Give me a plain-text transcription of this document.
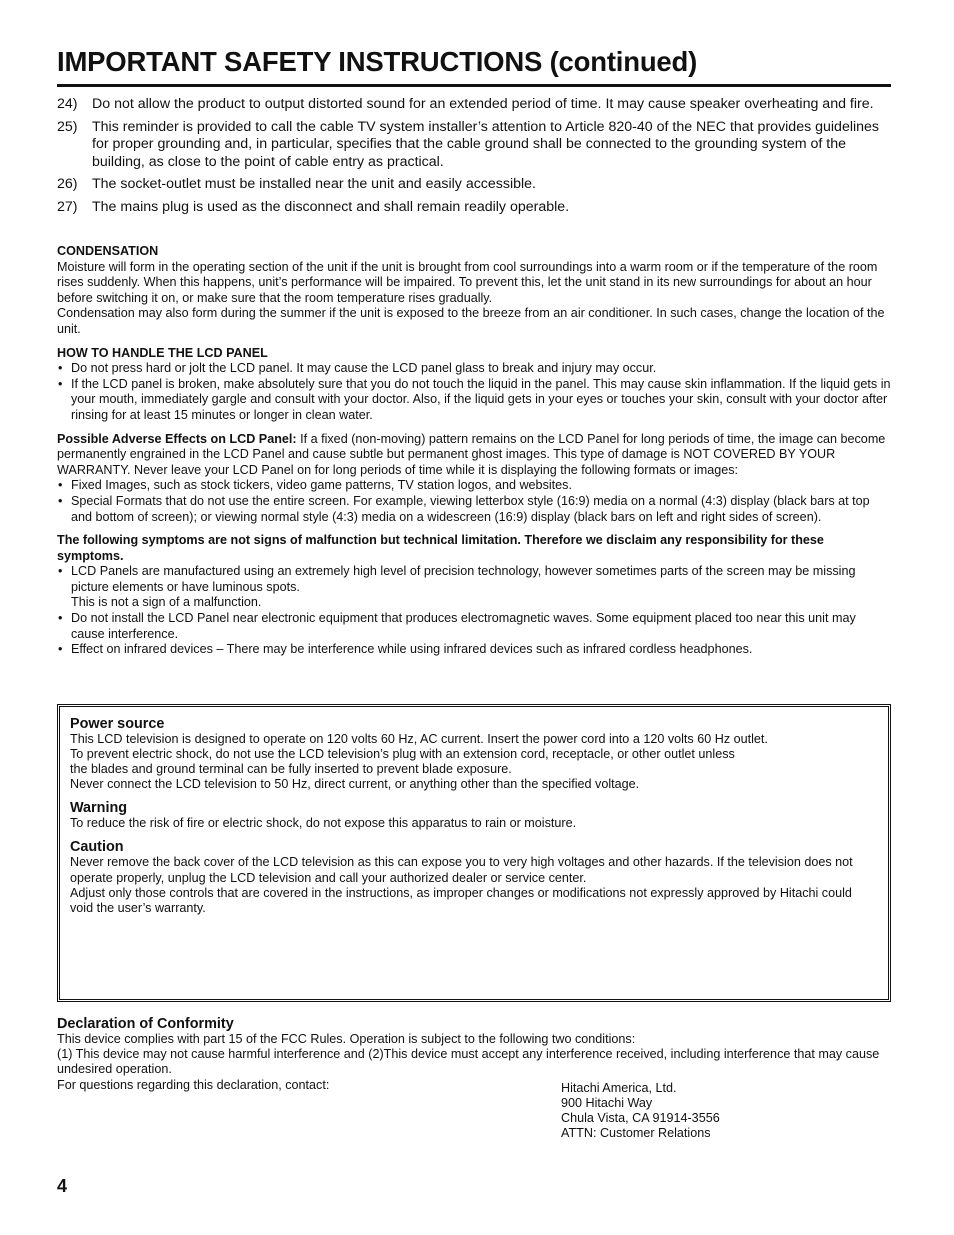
IMPORTANT SAFETY INSTRUCTIONS (continued)
24)	Do not allow the product to output distorted sound for an extended period of time. It may cause speaker overheating and fire.
25)	This reminder is provided to call the cable TV system installer’s attention to Article 820-40 of the NEC that provides guidelines for proper grounding and, in particular, specifies that the cable ground shall be connected to the grounding system of the building, as close to the point of cable entry as practical.
26)	The socket-outlet must be installed near the unit and easily accessible.
27)	The mains plug is used as the disconnect and shall remain readily operable.
CONDENSATION

Moisture will form in the operating section of the unit if the unit is brought from cool surroundings into a warm room or if the temperature of the room rises suddenly. When this happens, unit’s performance will be impaired. To prevent this, let the unit stand in its new surroundings for about an hour before switching it on, or make sure that the room temperature rises gradually.

Condensation may also form during the summer if the unit is exposed to the breeze from an air conditioner. In such cases, change the location of the unit.

HOW TO HANDLE THE LCD PANEL
• Do not press hard or jolt the LCD panel. It may cause the LCD panel glass to break and injury may occur.
• If the LCD panel is broken, make absolutely sure that you do not touch the liquid in the panel. This may cause skin inflammation. If the liquid gets in your mouth, immediately gargle and consult with your doctor. Also, if the liquid gets in your eyes or touches your skin, consult with your doctor after rinsing for at least 15 minutes or longer in clean water.

Possible Adverse Effects on LCD Panel: If a fixed (non-moving) pattern remains on the LCD Panel for long periods of time, the image can become permanently engrained in the LCD Panel and cause subtle but permanent ghost images. This type of damage is NOT COVERED BY YOUR WARRANTY. Never leave your LCD Panel on for long periods of time while it is displaying the following formats or images:

• Fixed Images, such as stock tickers, video game patterns, TV station logos, and websites.
• Special Formats that do not use the entire screen. For example, viewing letterbox style (16:9) media on a normal (4:3) display (black bars at top and bottom of screen); or viewing normal style (4:3) media on a widescreen (16:9) display (black bars on left and right sides of screen).
The following symptoms are not signs of malfunction but technical limitation. Therefore we disclaim any responsibility for these symptoms.
• LCD Panels are manufactured using an extremely high level of precision technology, however sometimes parts of the screen may be missing picture elements or have luminous spots.
This is not a sign of a malfunction.
• Do not install the LCD Panel near electronic equipment that produces electromagnetic waves. Some equipment placed too near this unit may cause interference.
• Effect on infrared devices – There may be interference while using infrared devices such as infrared cordless headphones.
Power source
This LCD television is designed to operate on 120 volts 60 Hz, AC current. Insert the power cord into a 120 volts 60 Hz outlet.
To prevent electric shock, do not use the LCD television’s plug with an extension cord, receptacle, or other outlet unless
the blades and ground terminal can be fully inserted to prevent blade exposure.
Never connect the LCD television to 50 Hz, direct current, or anything other than the specified voltage.
Warning
To reduce the risk of fire or electric shock, do not expose this apparatus to rain or moisture.
Caution
Never remove the back cover of the LCD television as this can expose you to very high voltages and other hazards. If the television does not operate properly, unplug the LCD television and call your authorized dealer or service center.
Adjust only those controls that are covered in the instructions, as improper changes or modifications not expressly approved by Hitachi could void the user’s warranty.
Declaration of Conformity
This device complies with part 15 of the FCC Rules. Operation is subject to the following two conditions:
(1) This device may not cause harmful interference and (2)This device must accept any interference received, including interference that may cause undesired operation.
For questions regarding this declaration, contact:	Hitachi America, Ltd.
900 Hitachi Way
Chula Vista, CA 91914-3556
ATTN: Customer Relations
4
